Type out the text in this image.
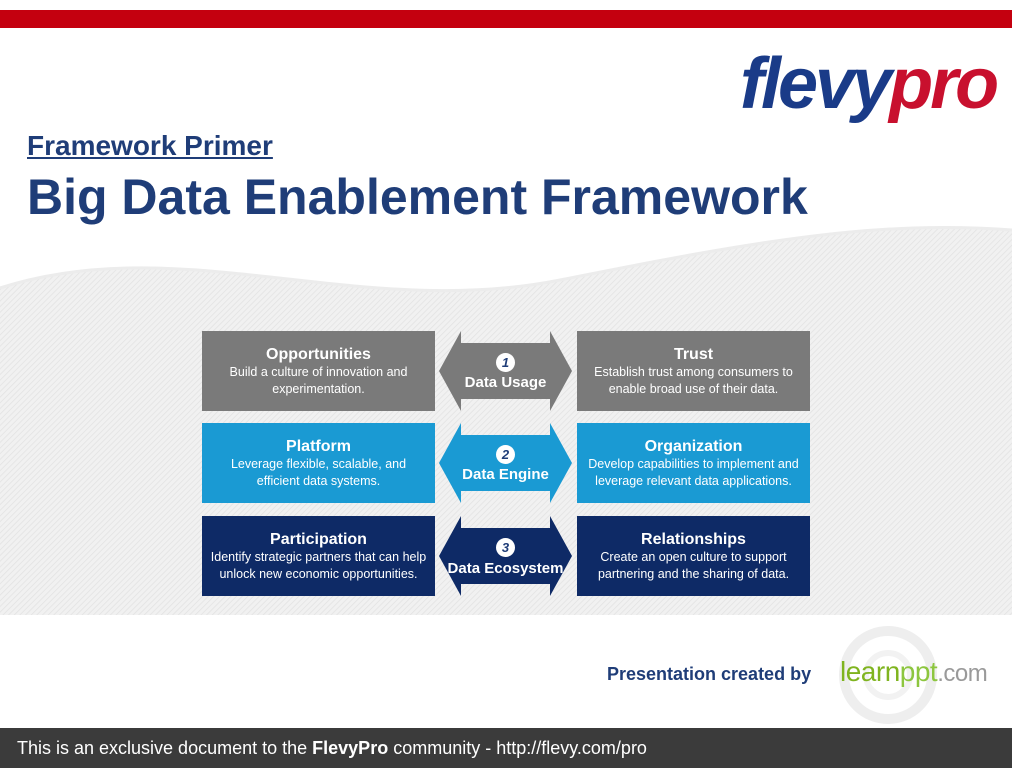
flevypro
Framework Primer
Big Data Enablement Framework
Opportunities
Build a culture of innovation and experimentation.
1
Data Usage
Trust
Establish trust among consumers to enable broad use of their data.
Platform
Leverage flexible, scalable, and efficient data systems.
2
Data Engine
Organization
Develop capabilities to implement and leverage relevant data applications.
Participation
Identify strategic partners that can help unlock new economic opportunities.
3
Data Ecosystem
Relationships
Create an open culture to support partnering and the sharing of data.
Presentation created by learnppt.com
This is an exclusive document to the FlevyPro community - http://flevy.com/pro
